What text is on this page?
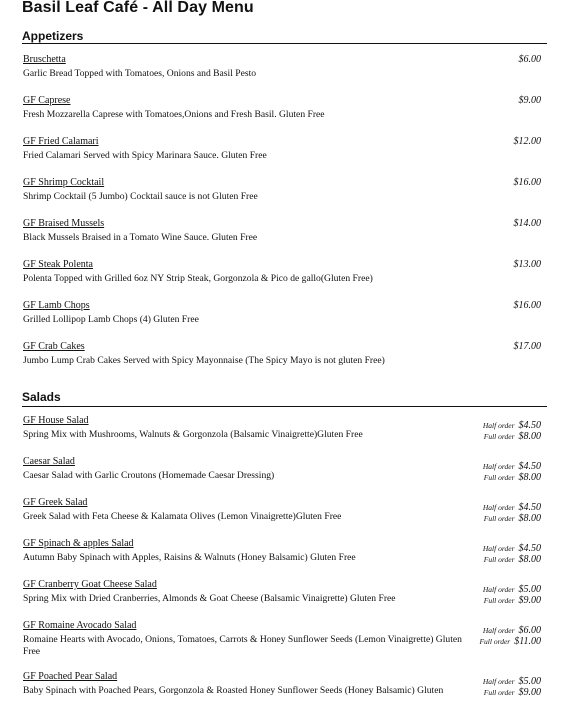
Basil Leaf Café - All Day Menu
Appetizers
Bruschetta	$6.00
Garlic Bread Topped with Tomatoes, Onions and Basil Pesto
GF Caprese	$9.00
Fresh Mozzarella Caprese with Tomatoes,Onions and Fresh Basil. Gluten Free
GF Fried Calamari	$12.00
Fried Calamari Served with Spicy Marinara Sauce. Gluten Free
GF Shrimp Cocktail	$16.00
Shrimp Cocktail (5 Jumbo) Cocktail sauce is not Gluten Free
GF Braised Mussels	$14.00
Black Mussels Braised in a Tomato Wine Sauce. Gluten Free
GF Steak Polenta	$13.00
Polenta Topped with Grilled 6oz NY Strip Steak, Gorgonzola & Pico de gallo(Gluten Free)
GF Lamb Chops	$16.00
Grilled Lollipop Lamb Chops (4) Gluten Free
GF Crab Cakes	$17.00
Jumbo Lump Crab Cakes Served with Spicy Mayonnaise (The Spicy Mayo is not gluten Free)
Salads
GF House Salad	Half order $4.50
Full order $8.00
Spring Mix with Mushrooms, Walnuts & Gorgonzola (Balsamic Vinaigrette)Gluten Free
Caesar Salad	Half order $4.50
Full order $8.00
Caesar Salad with Garlic Croutons (Homemade Caesar Dressing)
GF Greek Salad	Half order $4.50
Full order $8.00
Greek Salad with Feta Cheese & Kalamata Olives (Lemon Vinaigrette)Gluten Free
GF Spinach & apples Salad	Half order $4.50
Full order $8.00
Autumn Baby Spinach with Apples, Raisins & Walnuts (Honey Balsamic) Gluten Free
GF Cranberry Goat Cheese Salad	Half order $5.00
Full order $9.00
Spring Mix with Dried Cranberries, Almonds & Goat Cheese (Balsamic Vinaigrette) Gluten Free
GF Romaine Avocado Salad	Half order $6.00
Full order $11.00
Romaine Hearts with Avocado, Onions, Tomatoes, Carrots & Honey Sunflower Seeds (Lemon Vinaigrette) Gluten Free
GF Poached Pear Salad	Half order $5.00
Full order $9.00
Baby Spinach with Poached Pears, Gorgonzola & Roasted Honey Sunflower Seeds (Honey Balsamic) Gluten
